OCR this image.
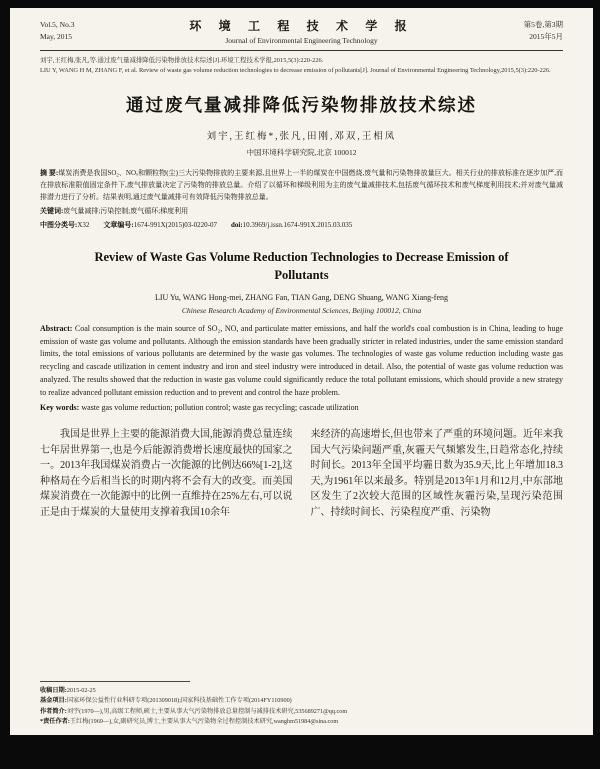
Vol.5, No.3
May, 2015
环 境 工 程 技 术 学 报
Journal of Environmental Engineering Technology
第5卷,第3期
2015年5月
刘宇,王红梅,张凡,等.通过废气量减排降低污染物排放技术综述[J].环境工程技术学报,2015,5(3):220-226.
LIU Y, WANG H M, ZHANG F, et al. Review of waste gas volume reduction technologies to decrease emission of pollutants[J]. Journal of Environmental Engineering Technology,2015,5(3):220-226.
通过废气量减排降低污染物排放技术综述
刘宇,王红梅*,张凡,田刚,邓双,王相凤
中国环境科学研究院,北京 100012

摘 要:煤炭消费是我国SO₂、NOₓ和颗粒物(尘)三大污染物排放的主要来源,且世界上一半的煤炭在中国燃烧,废气量和污染物排放量巨大。相关行业的排放标准在逐步加严,而在排放标准限值固定条件下,废气排放量决定了污染物的排放总量。介绍了以循环和梯级利用为主的废气量减排技术,包括废气循环技术和废气梯度利用技术;并对废气量减排潜力进行了分析。结果表明,通过废气量减排可有效降低污染物排放总量。

关键词:废气量减排;污染控制;废气循环;梯度利用

中图分类号:X32 文章编号:1674-991X(2015)03-0220-07 doi:10.3969/j.issn.1674-991X.2015.03.035

Review of Waste Gas Volume Reduction Technologies to Decrease Emission of Pollutants
LIU Yu, WANG Hong-mei, ZHANG Fan, TIAN Gang, DENG Shuang, WANG Xiang-feng
Chinese Research Academy of Environmental Sciences, Beijing 100012, China

Abstract: Coal consumption is the main source of SO₂, NO, and particulate matter emissions, and half the world's coal combustion is in China, leading to huge emission of waste gas volume and pollutants. Although the emission standards have been gradually stricter in related industries, under the same emission standard limits, the total emissions of various pollutants are determined by the waste gas volumes. The technologies of waste gas volume reduction including waste gas recycling and cascade utilization in cement industry and iron and steel industry were introduced in detail. Also, the potential of waste gas volume reduction was analyzed. The results showed that the reduction in waste gas volume could significantly reduce the total pollutant emissions, which should provide a new strategy to realize advanced pollutant emission reduction and to prevent and control the haze problem.

Key words: waste gas volume reduction; pollution control; waste gas recycling; cascade utilization

我国是世界上主要的能源消费大国,能源消费总量连续七年居世界第一,也是今后能源消费增长速度最快的国家之一。2013年我国煤炭消费占一次能源的比例达66%[1-2],这种格局在今后相当长的时期内将不会有大的改变。而美国煤炭消费在一次能源中的比例一直维持在25%左右,可以说正是由于煤炭的大量使用支撑着我国10余年

来经济的高速增长,但也带来了严重的环境问题。近年来我国大气污染问题严重,灰霾天气频繁发生,日趋常态化,持续时间长。2013年全国平均霾日数为35.9天,比上年增加18.3天,为1961年以来最多。特别是2013年1月和12月,中东部地区发生了2次较大范围的区域性灰霾污染,呈现污染范围广、持续时间长、污染程度严重、污染物

收稿日期:2015-02-25
基金项目:国家环保公益性行业科研专项(201309018);国家科技基础性工作专项(2014FY110900)
作者简介:刘宇(1970—),男,高级工程师,硕士,主要从事大气污染物排放总量控制与减排技术研究,535689271@qq.com
*责任作者:王红梅(1969—),女,副研究员,博士,主要从事大气污染物全过程控制技术研究,wanghm51984@sina.com
